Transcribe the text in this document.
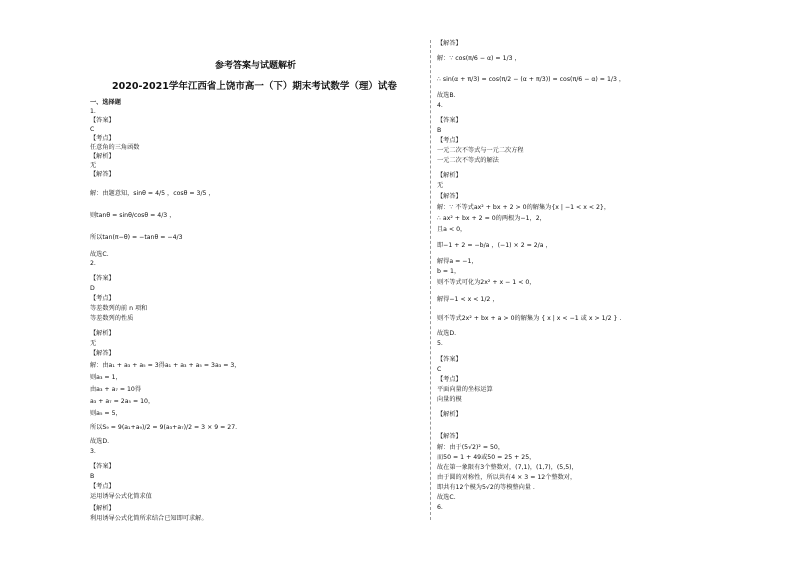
参考答案与试题解析
2020-2021学年江西省上饶市高一（下）期末考试数学（理）试卷
一、选择题
1.
【答案】
C
【考点】
任意角的三角函数
【解析】
无
【解答】
解：由题意知，sinθ = 4/5 ，cosθ = 3/5 ，
则tanθ = sinθ/cosθ = 4/3 ，
所以tan(π−θ) = −tanθ = −4/3
故选C.
2.
【答案】
D
【考点】
等差数列的前 n 项和
等差数列的性质
【解析】
无
【解答】
解：由a₁ + a₃ + a₅ = 3得a₁ + a₃ + a₅ = 3a₃ = 3，
则a₃ = 1，
由a₃ + a₇ = 10得
a₃ + a₇ = 2a₅ = 10，
则a₅ = 5，
所以S₉ = 9(a₁+a₉)/2 = 9(a₃+a₇)/2 = 3 × 9 = 27.
故选D.
3.
【答案】
B
【考点】
运用诱导公式化简求值
【解析】
利用诱导公式化简所求结合已知即可求解。
【解答】
解：∵ cos(π/6 − α) = 1/3 ，
∴ sin(α + π/3) = cos(π/2 − (α + π/3)) = cos(π/6 − α) = 1/3 ，
故选B.
4.
【答案】
B
【考点】
一元二次不等式与一元二次方程
一元二次不等式的解法
【解析】
无
【解答】
解：∵ 不等式ax² + bx + 2 > 0的解集为{x | −1 < x < 2}，
∴ ax² + bx + 2 = 0的两根为−1，2，
且a < 0，
即−1 + 2 = −b/a ，(−1) × 2 = 2/a ，
解得a = −1，
b = 1，
则不等式可化为2x² + x − 1 < 0，
解得−1 < x < 1/2 ，
则不等式2x² + bx + a > 0的解集为 { x | x < −1 或 x > 1/2 } .
故选D.
5.
【答案】
C
【考点】
平面向量的坐标运算
向量的模
【解析】
【解答】
解：由于(5√2)² = 50，
而50 = 1 + 49或50 = 25 + 25，
故在第一象限有3个整数对，(7,1)，(1,7)，(5,5)，
由于圆的对称性，所以共有4 × 3 = 12个整数对，
即共有12个模为5√2的等模整向量 .
故选C.
6.
